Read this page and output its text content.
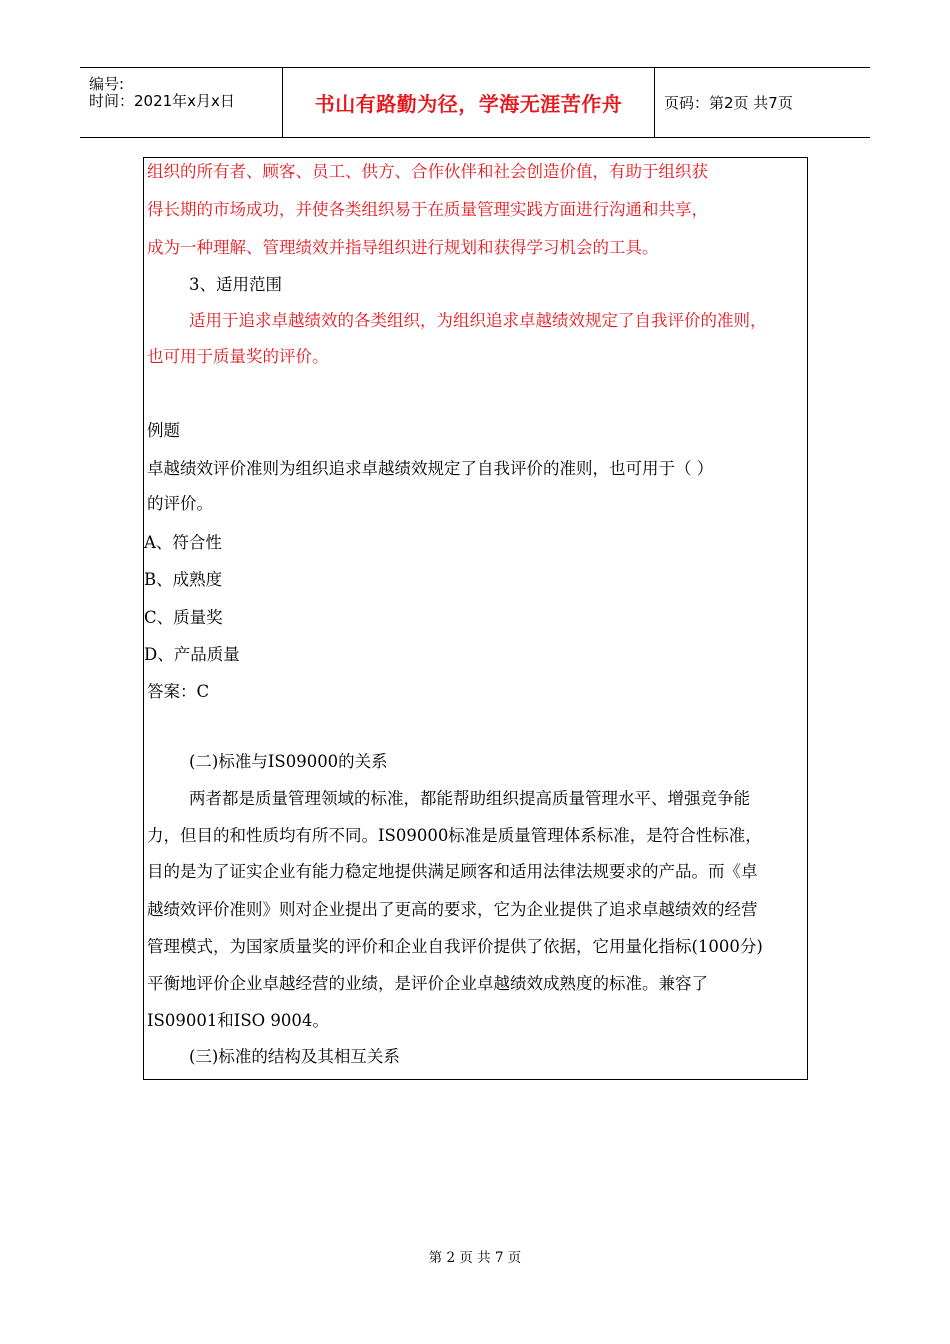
编号:
时间：2021年x月x日	书山有路勤为径，学海无涯苦作舟	页码：第2页 共7页
组织的所有者、顾客、员工、供方、合作伙伴和社会创造价值，有助于组织获
得长期的市场成功，并使各类组织易于在质量管理实践方面进行沟通和共享，
成为一种理解、管理绩效并指导组织进行规划和获得学习机会的工具。
3、适用范围
适用于追求卓越绩效的各类组织，为组织追求卓越绩效规定了自我评价的准则，
也可用于质量奖的评价。
例题
卓越绩效评价准则为组织追求卓越绩效规定了自我评价的准则，也可用于（ ）
的评价。
A、符合性
B、成熟度
C、质量奖
D、产品质量
答案：C
(二)标准与IS09000的关系
两者都是质量管理领域的标准，都能帮助组织提高质量管理水平、增强竞争能
力，但目的和性质均有所不同。IS09000标准是质量管理体系标准，是符合性标准，
目的是为了证实企业有能力稳定地提供满足顾客和适用法律法规要求的产品。而《卓
越绩效评价准则》则对企业提出了更高的要求，它为企业提供了追求卓越绩效的经营
管理模式，为国家质量奖的评价和企业自我评价提供了依据，它用量化指标(1000分)
平衡地评价企业卓越经营的业绩，是评价企业卓越绩效成熟度的标准。兼容了
IS09001和ISO 9004。
(三)标准的结构及其相互关系
第 2 页 共 7 页
